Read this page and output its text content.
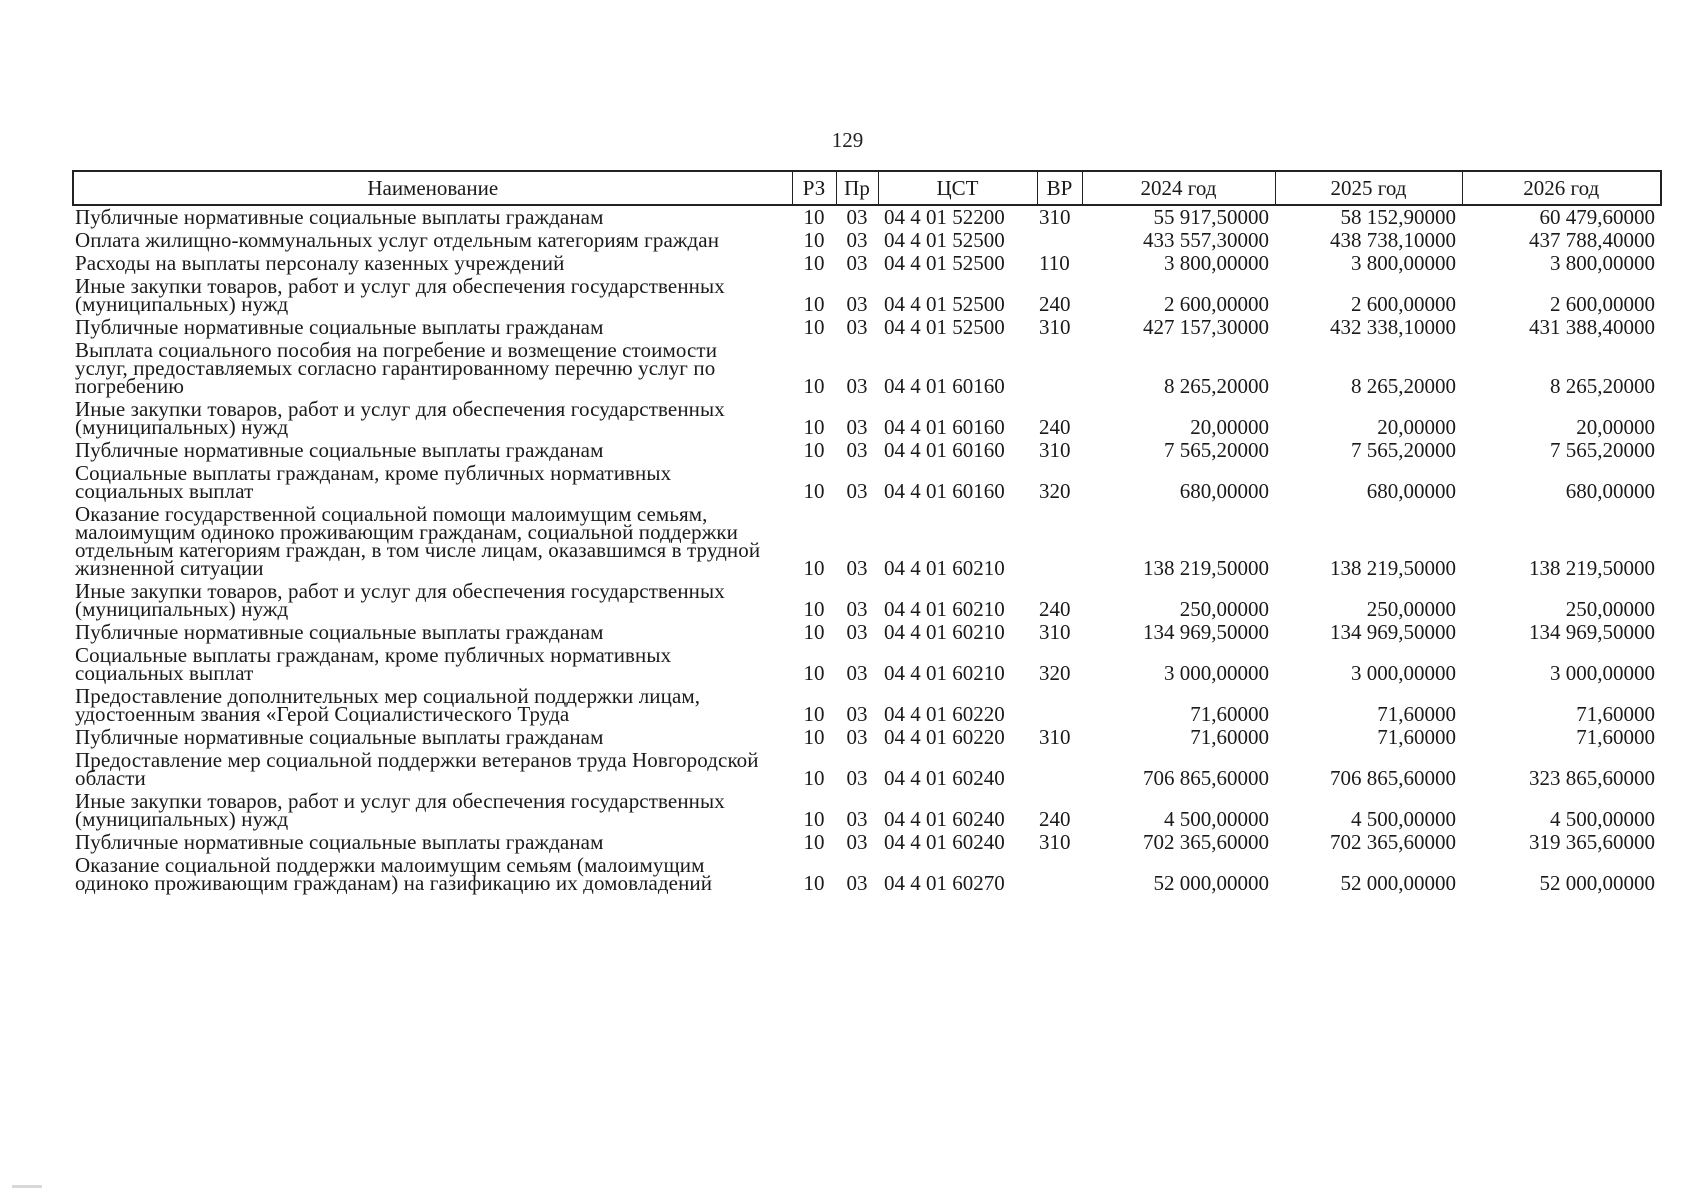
129
Наименование	РЗ	Пр	ЦСТ	ВР	2024 год	2025 год	2026 год
Публичные нормативные социальные выплаты гражданам	10	03	04 4 01 52200	310	55 917,50000	58 152,90000	60 479,60000
Оплата жилищно-коммунальных услуг отдельным категориям граждан	10	03	04 4 01 52500		433 557,30000	438 738,10000	437 788,40000
Расходы на выплаты персоналу казенных учреждений	10	03	04 4 01 52500	110	3 800,00000	3 800,00000	3 800,00000
Иные закупки товаров, работ и услуг для обеспечения государственных (муниципальных) нужд	10	03	04 4 01 52500	240	2 600,00000	2 600,00000	2 600,00000
Публичные нормативные социальные выплаты гражданам	10	03	04 4 01 52500	310	427 157,30000	432 338,10000	431 388,40000
Выплата социального пособия на погребение и возмещение стоимости услуг, предоставляемых согласно гарантированному перечню услуг по погребению	10	03	04 4 01 60160		8 265,20000	8 265,20000	8 265,20000
Иные закупки товаров, работ и услуг для обеспечения государственных (муниципальных) нужд	10	03	04 4 01 60160	240	20,00000	20,00000	20,00000
Публичные нормативные социальные выплаты гражданам	10	03	04 4 01 60160	310	7 565,20000	7 565,20000	7 565,20000
Социальные выплаты гражданам, кроме публичных нормативных социальных выплат	10	03	04 4 01 60160	320	680,00000	680,00000	680,00000
Оказание государственной социальной помощи малоимущим семьям, малоимущим одиноко проживающим гражданам, социальной поддержки отдельным категориям граждан, в том числе лицам, оказавшимся в трудной жизненной ситуации	10	03	04 4 01 60210		138 219,50000	138 219,50000	138 219,50000
Иные закупки товаров, работ и услуг для обеспечения государственных (муниципальных) нужд	10	03	04 4 01 60210	240	250,00000	250,00000	250,00000
Публичные нормативные социальные выплаты гражданам	10	03	04 4 01 60210	310	134 969,50000	134 969,50000	134 969,50000
Социальные выплаты гражданам, кроме публичных нормативных социальных выплат	10	03	04 4 01 60210	320	3 000,00000	3 000,00000	3 000,00000
Предоставление дополнительных мер социальной поддержки лицам, удостоенным звания «Герой Социалистического Труда	10	03	04 4 01 60220		71,60000	71,60000	71,60000
Публичные нормативные социальные выплаты гражданам	10	03	04 4 01 60220	310	71,60000	71,60000	71,60000
Предоставление мер социальной поддержки ветеранов труда Новгородской области	10	03	04 4 01 60240		706 865,60000	706 865,60000	323 865,60000
Иные закупки товаров, работ и услуг для обеспечения государственных (муниципальных) нужд	10	03	04 4 01 60240	240	4 500,00000	4 500,00000	4 500,00000
Публичные нормативные социальные выплаты гражданам	10	03	04 4 01 60240	310	702 365,60000	702 365,60000	319 365,60000
Оказание социальной поддержки малоимущим семьям (малоимущим одиноко проживающим гражданам) на газификацию их домовладений	10	03	04 4 01 60270		52 000,00000	52 000,00000	52 000,00000
